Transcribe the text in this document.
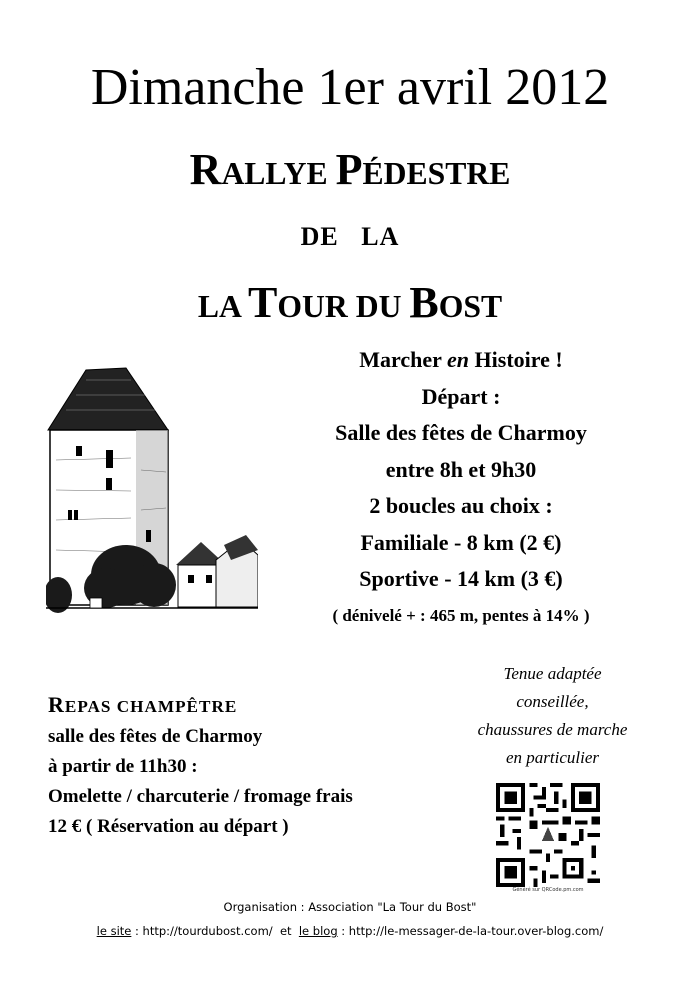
Dimanche 1er avril 2012
RALLYE PÉDESTRE
DE   LA
LA TOUR DU BOST
Marcher en Histoire !
Départ :
Salle des fêtes de Charmoy
entre 8h et 9h30
2 boucles au choix :
Familiale - 8 km (2 €)
Sportive - 14 km (3 €)
( dénivelé + : 465 m, pentes à 14% )
Tenue adaptée
conseillée,
chaussures de marche
en particulier
REPAS CHAMPÊTRE
salle des fêtes de Charmoy
à partir de 11h30 :
Omelette / charcuterie / fromage frais
12 € ( Réservation au départ )
Généré sur QRCode.pm.com
Organisation : Association "La Tour du Bost"
le site : http://tourdubost.com/  et  le blog : http://le-messager-de-la-tour.over-blog.com/
